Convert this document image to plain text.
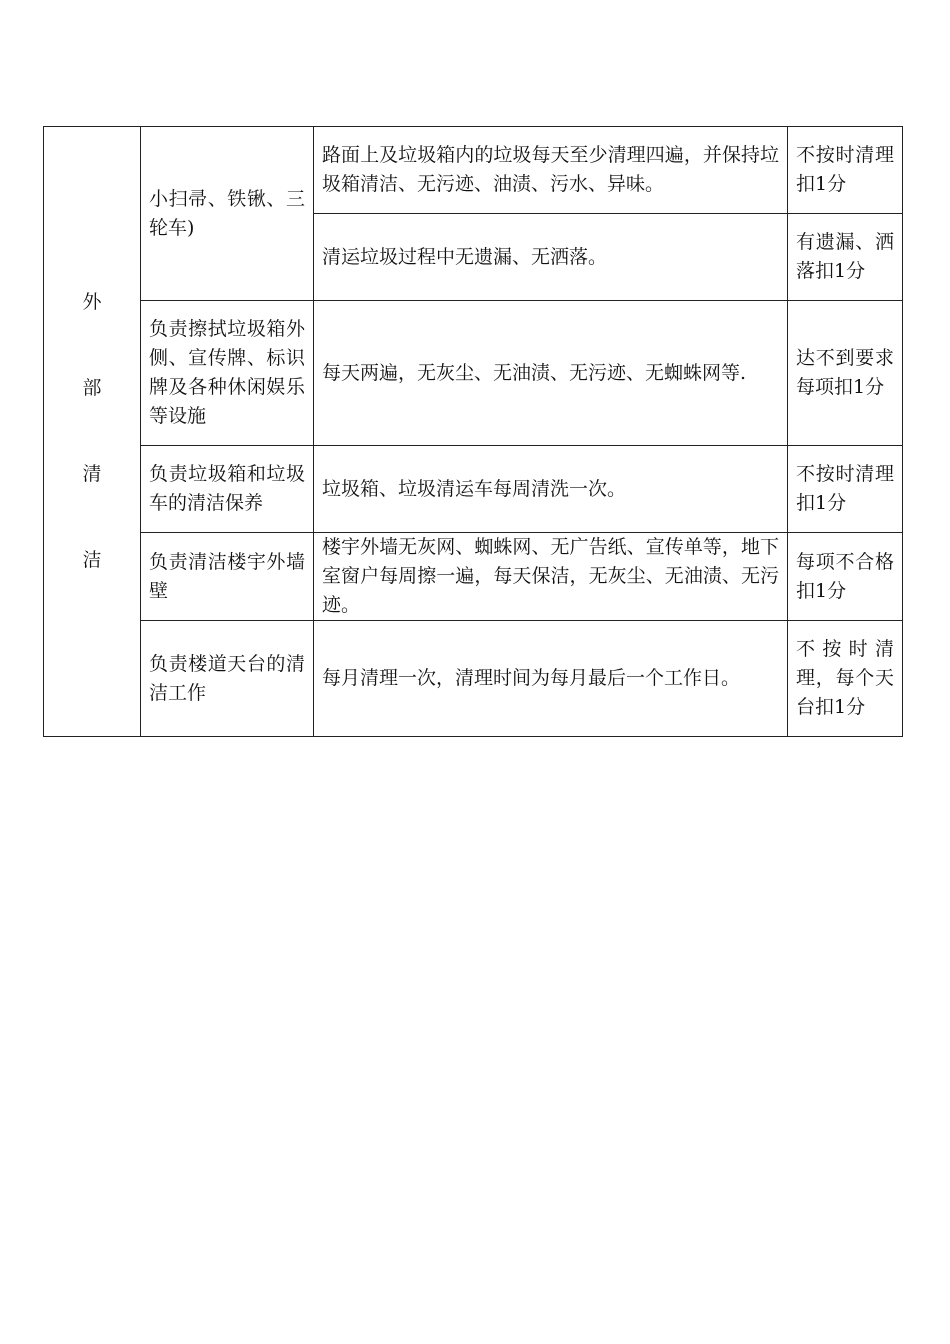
外
部
清
洁	小扫帚、铁锹、三轮车)	路面上及垃圾箱内的垃圾每天至少清理四遍，并保持垃圾箱清洁、无污迹、油渍、污水、异味。	不按时清理扣1分

		清运垃圾过程中无遗漏、无洒落。	有遗漏、洒落扣1分

	负责擦拭垃圾箱外侧、宣传牌、标识牌及各种休闲娱乐等设施	每天两遍，无灰尘、无油渍、无污迹、无蜘蛛网等.	达不到要求每项扣1分

	负责垃圾箱和垃圾车的清洁保养	垃圾箱、垃圾清运车每周清洗一次。	不按时清理扣1分

	负责清洁楼宇外墙壁	楼宇外墙无灰网、蜘蛛网、无广告纸、宣传单等，地下室窗户每周擦一遍，每天保洁，无灰尘、无油渍、无污迹。	每项不合格扣1分

	负责楼道天台的清洁工作	每月清理一次，清理时间为每月最后一个工作日。	不按时清理，每个天台扣1分
